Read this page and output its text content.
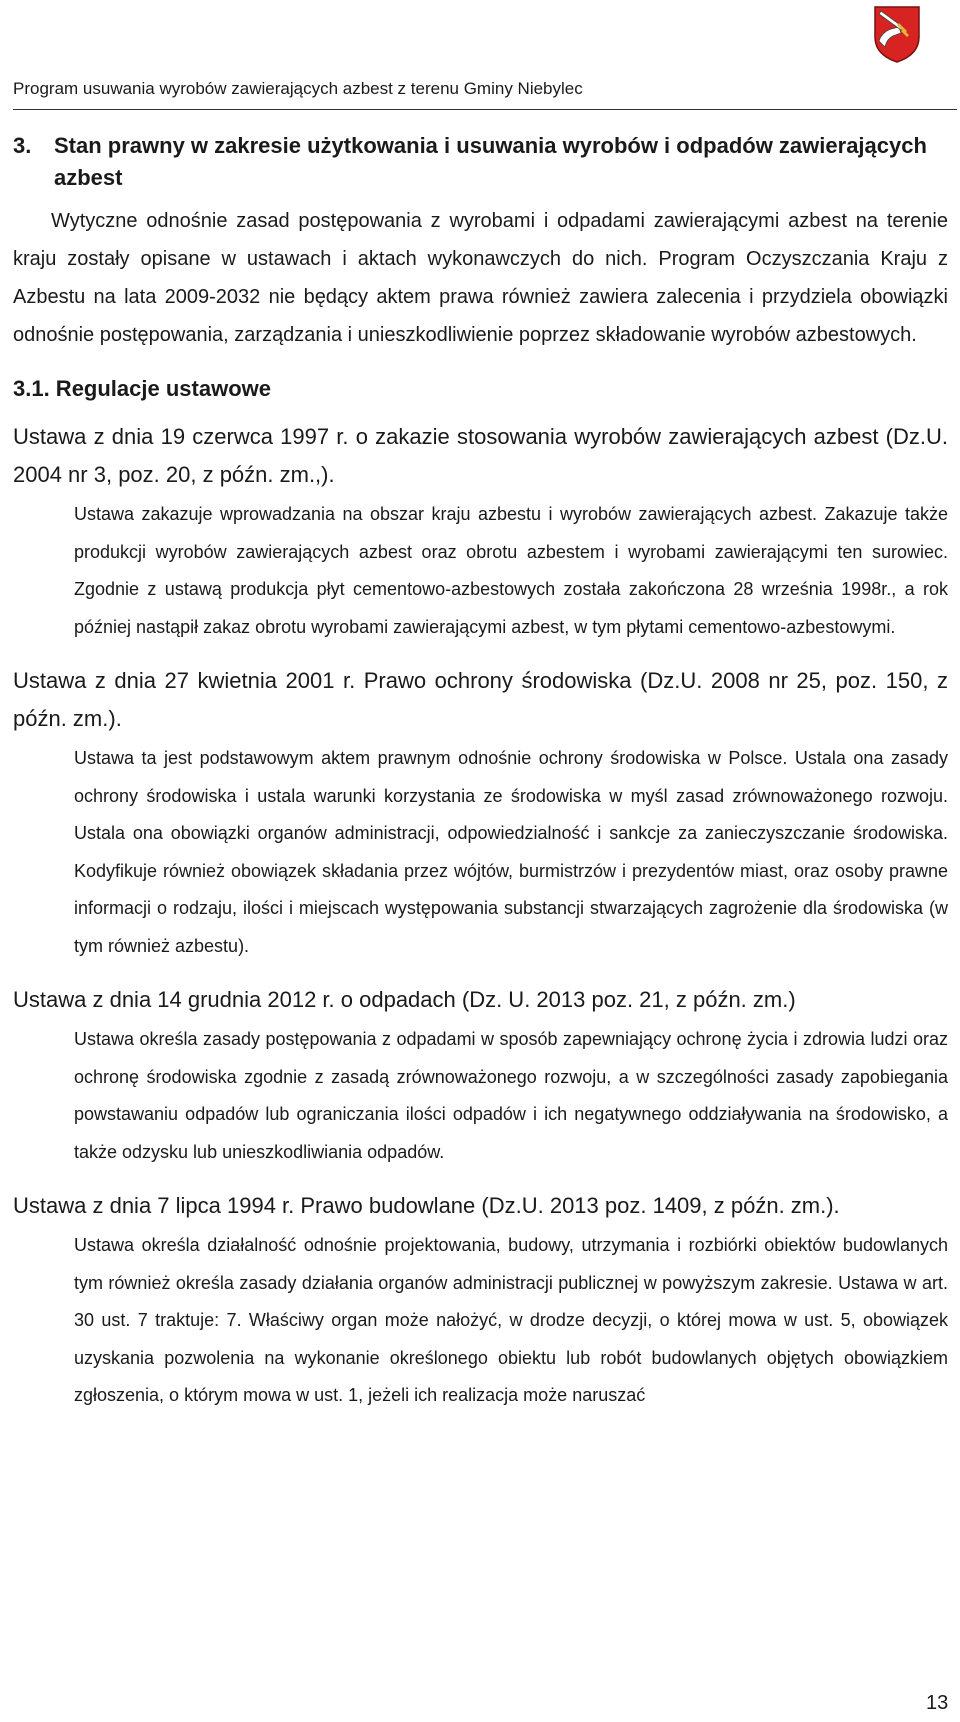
Program usuwania wyrobów zawierających azbest z terenu Gminy Niebylec
3.	Stan prawny w zakresie użytkowania i usuwania wyrobów i odpadów zawierających azbest

Wytyczne odnośnie zasad postępowania z wyrobami i odpadami zawierającymi azbest na terenie kraju zostały opisane w ustawach i aktach wykonawczych do nich. Program Oczyszczania Kraju z Azbestu na lata 2009-2032 nie będący aktem prawa również zawiera zalecenia i przydziela obowiązki odnośnie postępowania, zarządzania i unieszkodliwienie poprzez składowanie wyrobów azbestowych.

3.1. Regulacje ustawowe

Ustawa z dnia 19 czerwca 1997 r. o zakazie stosowania wyrobów zawierających azbest (Dz.U. 2004 nr 3, poz. 20, z późn. zm.,).

Ustawa zakazuje wprowadzania na obszar kraju azbestu i wyrobów zawierających azbest. Zakazuje także produkcji wyrobów zawierających azbest oraz obrotu azbestem i wyrobami zawierającymi ten surowiec. Zgodnie z ustawą produkcja płyt cementowo-azbestowych została zakończona 28 września 1998r., a rok później nastąpił zakaz obrotu wyrobami zawierającymi azbest, w tym płytami cementowo-azbestowymi.

Ustawa z dnia 27 kwietnia 2001 r. Prawo ochrony środowiska (Dz.U. 2008 nr 25, poz. 150, z późn. zm.).

Ustawa ta jest podstawowym aktem prawnym odnośnie ochrony środowiska w Polsce. Ustala ona zasady ochrony środowiska i ustala warunki korzystania ze środowiska w myśl zasad zrównoważonego rozwoju. Ustala ona obowiązki organów administracji, odpowiedzialność i sankcje za zanieczyszczanie środowiska. Kodyfikuje również obowiązek składania przez wójtów, burmistrzów i prezydentów miast, oraz osoby prawne informacji o rodzaju, ilości i miejscach występowania substancji stwarzających zagrożenie dla środowiska (w tym również azbestu).

Ustawa z dnia 14 grudnia 2012 r. o odpadach (Dz. U. 2013 poz. 21, z późn. zm.)

Ustawa określa zasady postępowania z odpadami w sposób zapewniający ochronę życia i zdrowia ludzi oraz ochronę środowiska zgodnie z zasadą zrównoważonego rozwoju, a w szczególności zasady zapobiegania powstawaniu odpadów lub ograniczania ilości odpadów i ich negatywnego oddziaływania na środowisko, a także odzysku lub unieszkodliwiania odpadów.

Ustawa z dnia 7 lipca 1994 r. Prawo budowlane (Dz.U. 2013 poz. 1409, z późn. zm.).

Ustawa określa działalność odnośnie projektowania, budowy, utrzymania i rozbiórki obiektów budowlanych tym również określa zasady działania organów administracji publicznej w powyższym zakresie. Ustawa w art. 30 ust. 7 traktuje: 7. Właściwy organ może nałożyć, w drodze decyzji, o której mowa w ust. 5, obowiązek uzyskania pozwolenia na wykonanie określonego obiektu lub robót budowlanych objętych obowiązkiem zgłoszenia, o którym mowa w ust. 1, jeżeli ich realizacja może naruszać

13
